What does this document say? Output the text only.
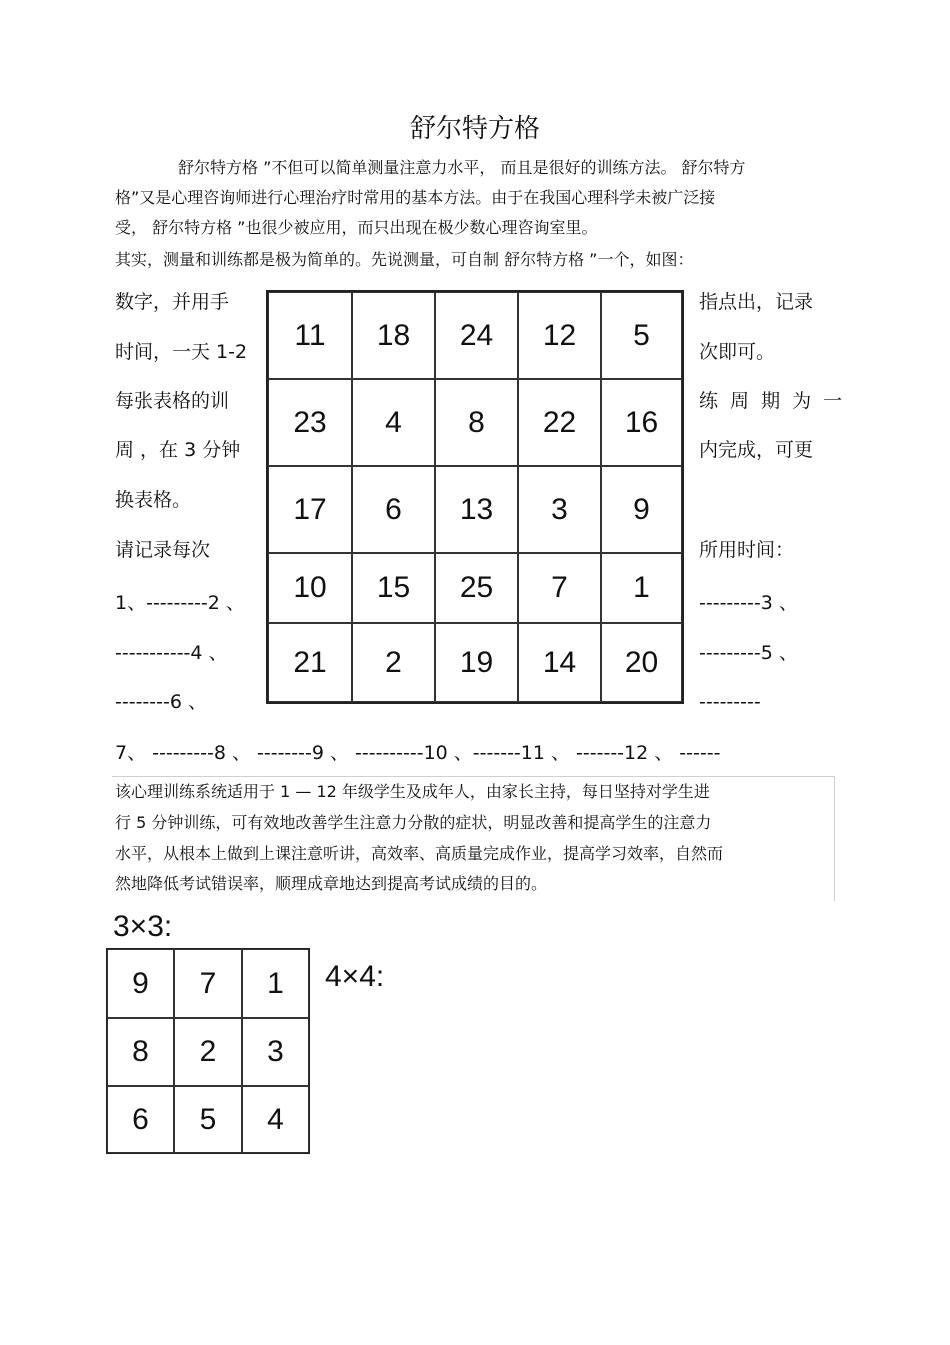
舒尔特方格
舒尔特方格 ”不但可以简单测量注意力水平， 而且是很好的训练方法。 舒尔特方
格”又是心理咨询师进行心理治疗时常用的基本方法。由于在我国心理科学未被广泛接
受， 舒尔特方格 ”也很少被应用，而只出现在极少数心理咨询室里。
其实，测量和训练都是极为简单的。先说测量，可自制 舒尔特方格 ”一个，如图：
数字，并用手
时间，一天 1-2
每张表格的训
周 ，在 3 分钟
换表格。
请记录每次
指点出，记录
次即可。
练 周 期 为 一
内完成，可更
所用时间：
1、---------2 、
-----------4 、
--------6 、
---------3 、
---------5 、
---------
7、 ---------8 、 --------9 、 ----------10 、-------11 、 -------12 、 ------
11	18	24	12	5
23	4	8	22	16
17	6	13	3	9
10	15	25	7	1
21	2	19	14	20
该心理训练系统适用于 1 — 12 年级学生及成年人，由家长主持，每日坚持对学生进
行 5 分钟训练，可有效地改善学生注意力分散的症状，明显改善和提高学生的注意力
水平，从根本上做到上课注意听讲，高效率、高质量完成作业，提高学习效率，自然而
然地降低考试错误率，顺理成章地达到提高考试成绩的目的。
3×3:
9	7	1
8	2	3
6	5	4
4×4:
